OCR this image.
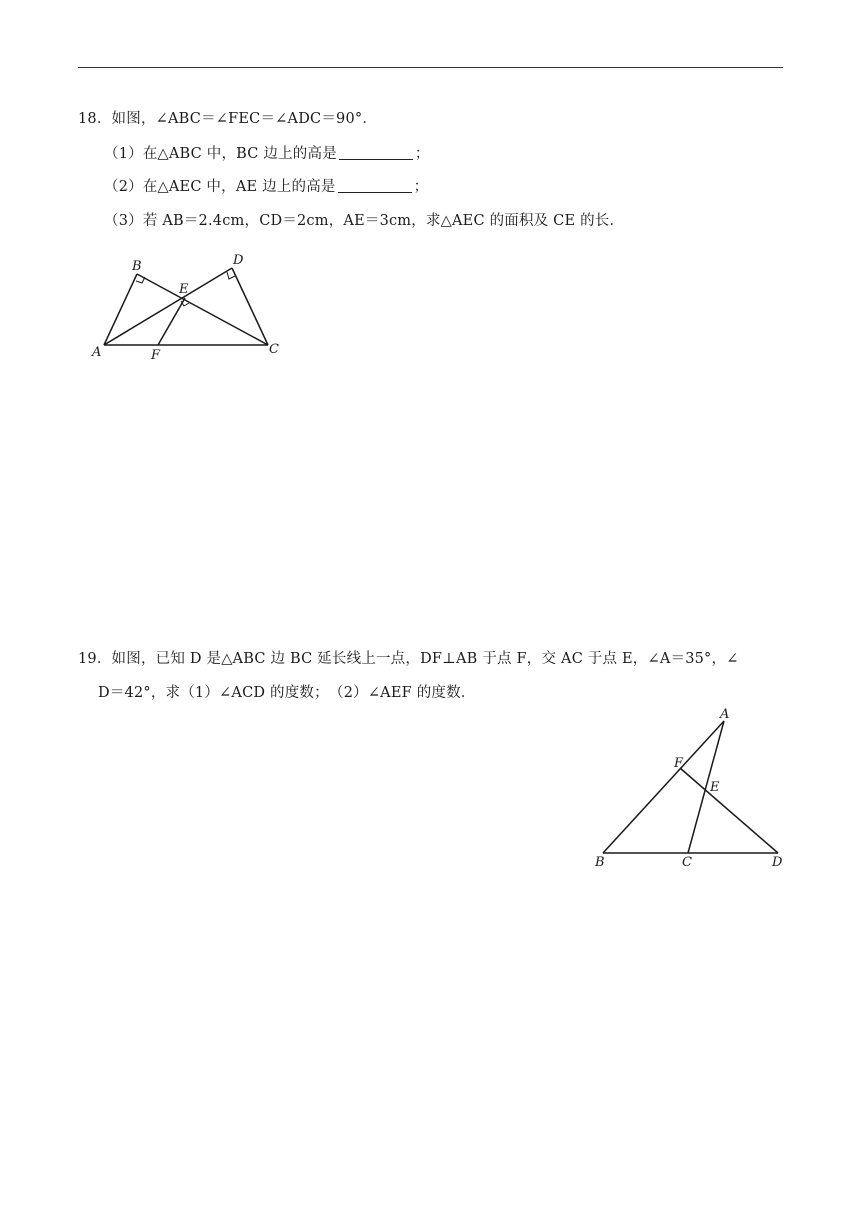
18．如图，∠ABC＝∠FEC＝∠ADC＝90°．
（1）在△ABC 中，BC 边上的高是	；
（2）在△AEC 中，AE 边上的高是	；
（3）若 AB＝2.4cm，CD＝2cm，AE＝3cm，求△AEC 的面积及 CE 的长．
A
B
C
D
E
F
19．如图，已知 D 是△ABC 边 BC 延长线上一点，DF⊥AB 于点 F，交 AC 于点 E，∠A＝35°，∠
D＝42°，求（1）∠ACD 的度数；　（2）∠AEF 的度数．
A
B	C	D
E
F
